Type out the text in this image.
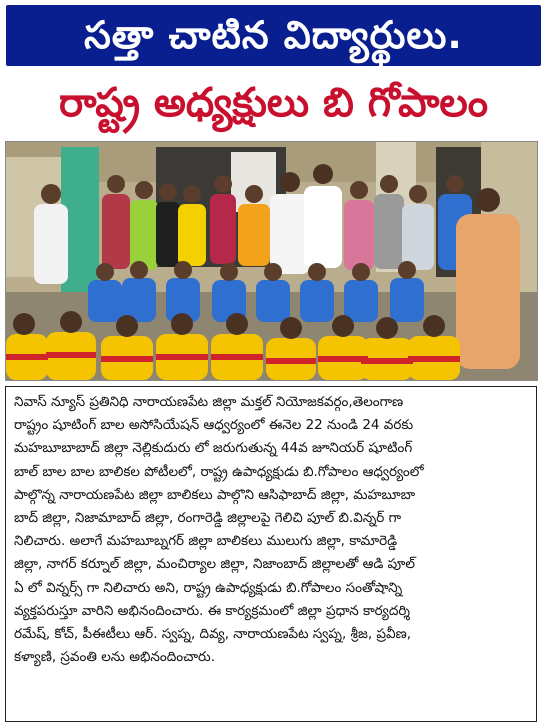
సత్తా చాటిన విద్యార్థులు.
రాష్ట్ర అధ్యక్షులు బి గోపాలం
నివాస్ న్యూస్ ప్రతినిధి నారాయణపేట జిల్లా మక్తల్ నియోజకవర్గం,తెలంగాణ
రాష్ట్రం షూటింగ్ బాల అసోసియేషన్ ఆధ్వర్యంలో ఈనెల 22 నుండి 24 వరకు
మహబూబాబాద్ జిల్లా నెల్లికుదురు లో జరుగుతున్న 44వ జూనియర్ షూటింగ్
బాల్ బాల బాల బాలికల పోటీలలో, రాష్ట్ర ఉపాధ్యక్షుడు బి.గోపాలం ఆధ్వర్యంలో
పాల్గొన్న నారాయణపేట జిల్లా బాలికలు పాల్గొని ఆసిఫాబాద్ జిల్లా, మహబూబా
బాద్ జిల్లా, నిజామాబాద్ జిల్లా, రంగారెడ్డి జిల్లాలపై గెలిచి పూల్ బి.విన్నర్ గా
నిలిచారు. అలాగే మహబూబ్నగర్ జిల్లా బాలికలు ములుగు జిల్లా, కామారెడ్డి
జిల్లా, నాగర్ కర్నూల్ జిల్లా, మంచిర్యాల జిల్లా, నిజాంబాద్ జిల్లాలతో ఆడి పూల్
ఏ లో విన్నర్స్ గా నిలిచారు అని, రాష్ట్ర ఉపాధ్యక్షుడు బి.గోపాలం సంతోషాన్ని
వ్యక్తపరుస్తూ వారిని అభినందించారు. ఈ కార్యక్రమంలో జిల్లా ప్రధాన కార్యదర్శి
రమేష్, కోచ్, పీఈటీలు ఆర్. స్వప్న, దివ్య, నారాయణపేట స్వప్న, శ్రీజ, ప్రవీణ,
కళ్యాణి, స్రవంతి లను అభినందించారు.
